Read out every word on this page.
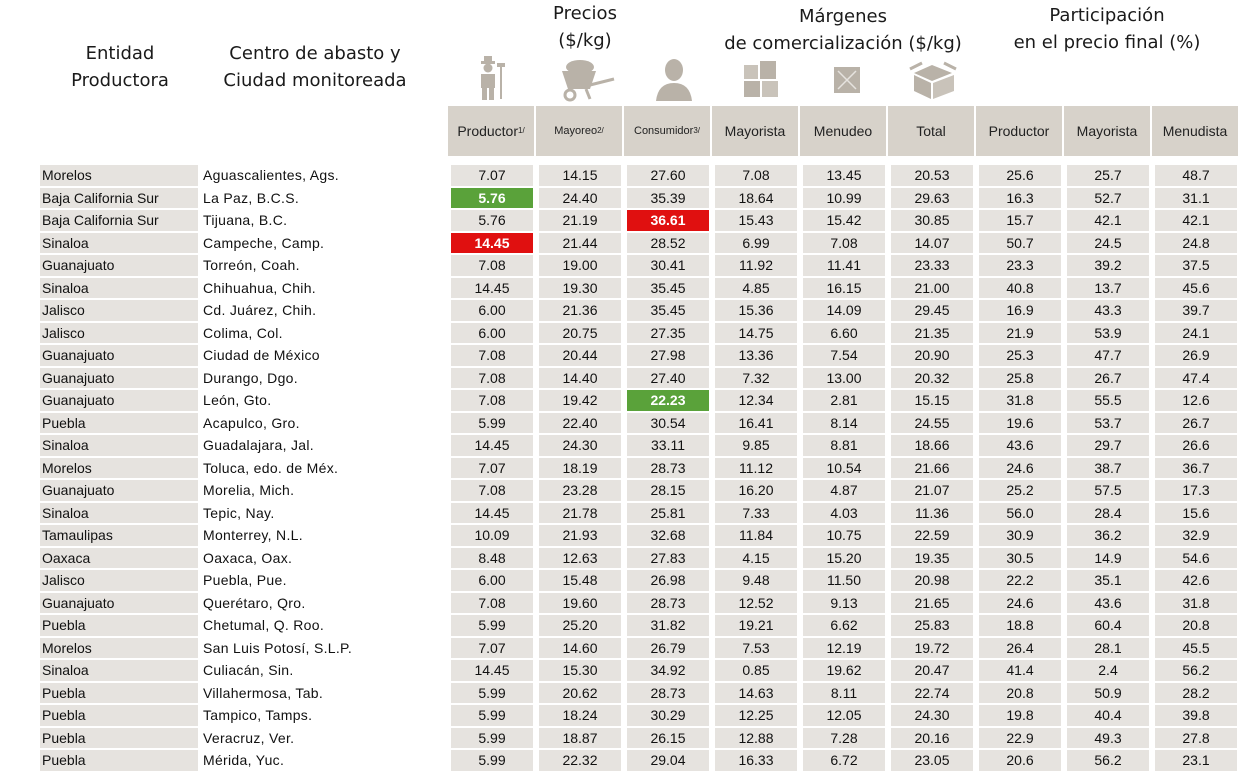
Entidad
Productora
Centro de abasto y
Ciudad monitoreada
Precios
($/kg)
Márgenes
de comercialización ($/kg)
Participación
en el precio final (%)
Productor 1/	Mayoreo 2/	Consumidor 3/ Mayorista Menudeo	Total	Productor Mayorista Menudista
Morelos	Aguascalientes, Ags.	7.07	14.15	27.60	7.08	13.45	20.53	25.6	25.7	48.7
Baja California Sur	La Paz, B.C.S.	5.76	24.40	35.39	18.64	10.99	29.63	16.3	52.7	31.1
Baja California Sur	Tijuana, B.C.	5.76	21.19	36.61	15.43	15.42	30.85	15.7	42.1	42.1
Sinaloa	Campeche, Camp.	14.45	21.44	28.52	6.99	7.08	14.07	50.7	24.5	24.8
Guanajuato	Torreón, Coah.	7.08	19.00	30.41	11.92	11.41	23.33	23.3	39.2	37.5
Sinaloa	Chihuahua, Chih.	14.45	19.30	35.45	4.85	16.15	21.00	40.8	13.7	45.6
Jalisco	Cd. Juárez, Chih.	6.00	21.36	35.45	15.36	14.09	29.45	16.9	43.3	39.7
Jalisco	Colima, Col.	6.00	20.75	27.35	14.75	6.60	21.35	21.9	53.9	24.1
Guanajuato	Ciudad de México	7.08	20.44	27.98	13.36	7.54	20.90	25.3	47.7	26.9
Guanajuato	Durango, Dgo.	7.08	14.40	27.40	7.32	13.00	20.32	25.8	26.7	47.4
Guanajuato	León, Gto.	7.08	19.42	22.23	12.34	2.81	15.15	31.8	55.5	12.6
Puebla	Acapulco, Gro.	5.99	22.40	30.54	16.41	8.14	24.55	19.6	53.7	26.7
Sinaloa	Guadalajara, Jal.	14.45	24.30	33.11	9.85	8.81	18.66	43.6	29.7	26.6
Morelos	Toluca, edo. de Méx.	7.07	18.19	28.73	11.12	10.54	21.66	24.6	38.7	36.7
Guanajuato	Morelia, Mich.	7.08	23.28	28.15	16.20	4.87	21.07	25.2	57.5	17.3
Sinaloa	Tepic, Nay.	14.45	21.78	25.81	7.33	4.03	11.36	56.0	28.4	15.6
Tamaulipas	Monterrey, N.L.	10.09	21.93	32.68	11.84	10.75	22.59	30.9	36.2	32.9
Oaxaca	Oaxaca, Oax.	8.48	12.63	27.83	4.15	15.20	19.35	30.5	14.9	54.6
Jalisco	Puebla, Pue.	6.00	15.48	26.98	9.48	11.50	20.98	22.2	35.1	42.6
Guanajuato	Querétaro, Qro.	7.08	19.60	28.73	12.52	9.13	21.65	24.6	43.6	31.8
Puebla	Chetumal, Q. Roo.	5.99	25.20	31.82	19.21	6.62	25.83	18.8	60.4	20.8
Morelos	San Luis Potosí, S.L.P.	7.07	14.60	26.79	7.53	12.19	19.72	26.4	28.1	45.5
Sinaloa	Culiacán, Sin.	14.45	15.30	34.92	0.85	19.62	20.47	41.4	2.4	56.2
Puebla	Villahermosa, Tab.	5.99	20.62	28.73	14.63	8.11	22.74	20.8	50.9	28.2
Puebla	Tampico, Tamps.	5.99	18.24	30.29	12.25	12.05	24.30	19.8	40.4	39.8
Puebla	Veracruz, Ver.	5.99	18.87	26.15	12.88	7.28	20.16	22.9	49.3	27.8
Puebla	Mérida, Yuc.	5.99	22.32	29.04	16.33	6.72	23.05	20.6	56.2	23.1
